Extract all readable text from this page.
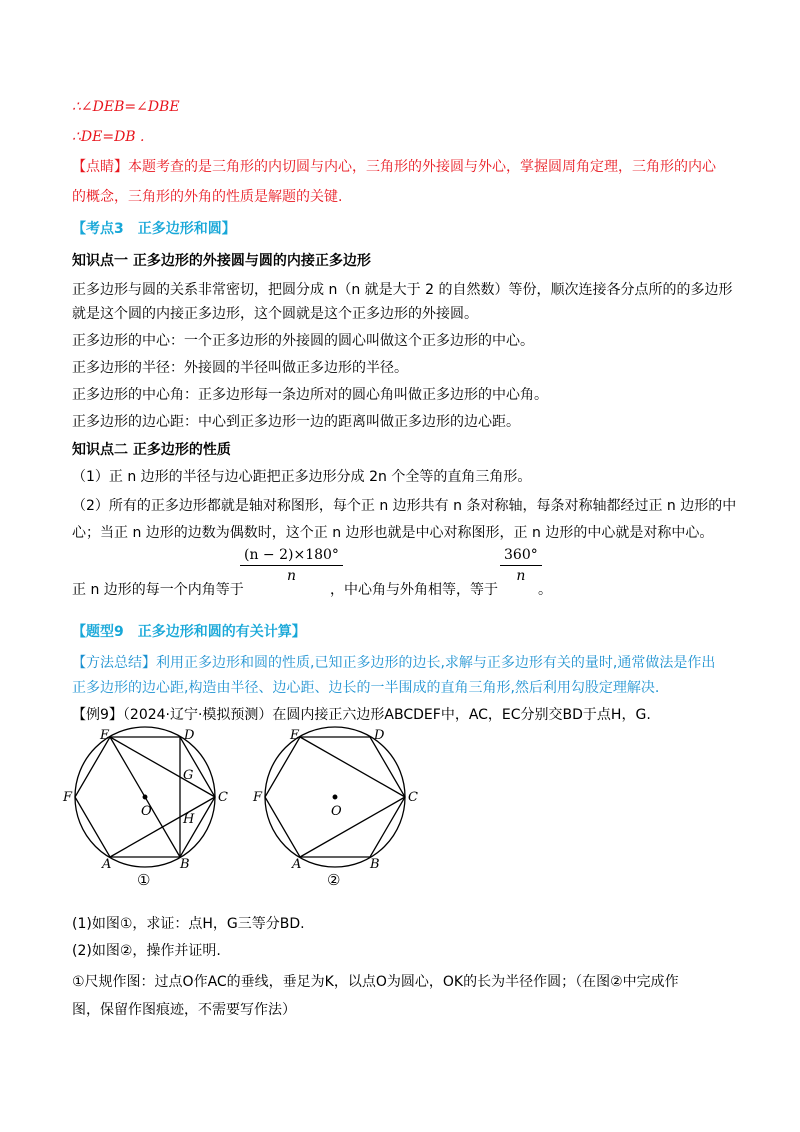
∴∠DEB=∠DBE
∴DE=DB .
【点睛】本题考查的是三角形的内切圆与内心，三角形的外接圆与外心，掌握圆周角定理，三角形的内心
的概念，三角形的外角的性质是解题的关键.
【考点3　正多边形和圆】
知识点一 正多边形的外接圆与圆的内接正多边形
正多边形与圆的关系非常密切，把圆分成 n（n 就是大于 2 的自然数）等份，顺次连接各分点所的的多边形
就是这个圆的内接正多边形，这个圆就是这个正多边形的外接圆。
正多边形的中心：一个正多边形的外接圆的圆心叫做这个正多边形的中心。
正多边形的半径：外接圆的半径叫做正多边形的半径。
正多边形的中心角：正多边形每一条边所对的圆心角叫做正多边形的中心角。
正多边形的边心距：中心到正多边形一边的距离叫做正多边形的边心距。
知识点二 正多边形的性质
（1）正 n 边形的半径与边心距把正多边形分成 2n 个全等的直角三角形。
（2）所有的正多边形都就是轴对称图形，每个正 n 边形共有 n 条对称轴，每条对称轴都经过正 n 边形的中
心；当正 n 边形的边数为偶数时，这个正 n 边形也就是中心对称图形，正 n 边形的中心就是对称中心。
正 n 边形的每一个内角等于
$\frac{(n - 2)\times 180^\circ}{n}$
，中心角与外角相等，等于
$\frac{360^\circ}{n}$
。
【题型9　正多边形和圆的有关计算】
【方法总结】利用正多边形和圆的性质,已知正多边形的边长,求解与正多边形有关的量时,通常做法是作出
正多边形的边心距,构造由半径、边心距、边长的一半围成的直角三角形,然后利用勾股定理解决.
【例9】（2024·辽宁·模拟预测）在圆内接正六边形ABCDEF中，AC，EC分别交BD于点H，G.
E	D
F	C
O
G
H
A	B
①
E	D
F	C
O
A	B
②
(1)如图①，求证：点H，G三等分BD.
(2)如图②，操作并证明.
①尺规作图：过点O作AC的垂线，垂足为K，以点O为圆心，OK的长为半径作圆；（在图②中完成作
图，保留作图痕迹，不需要写作法）
